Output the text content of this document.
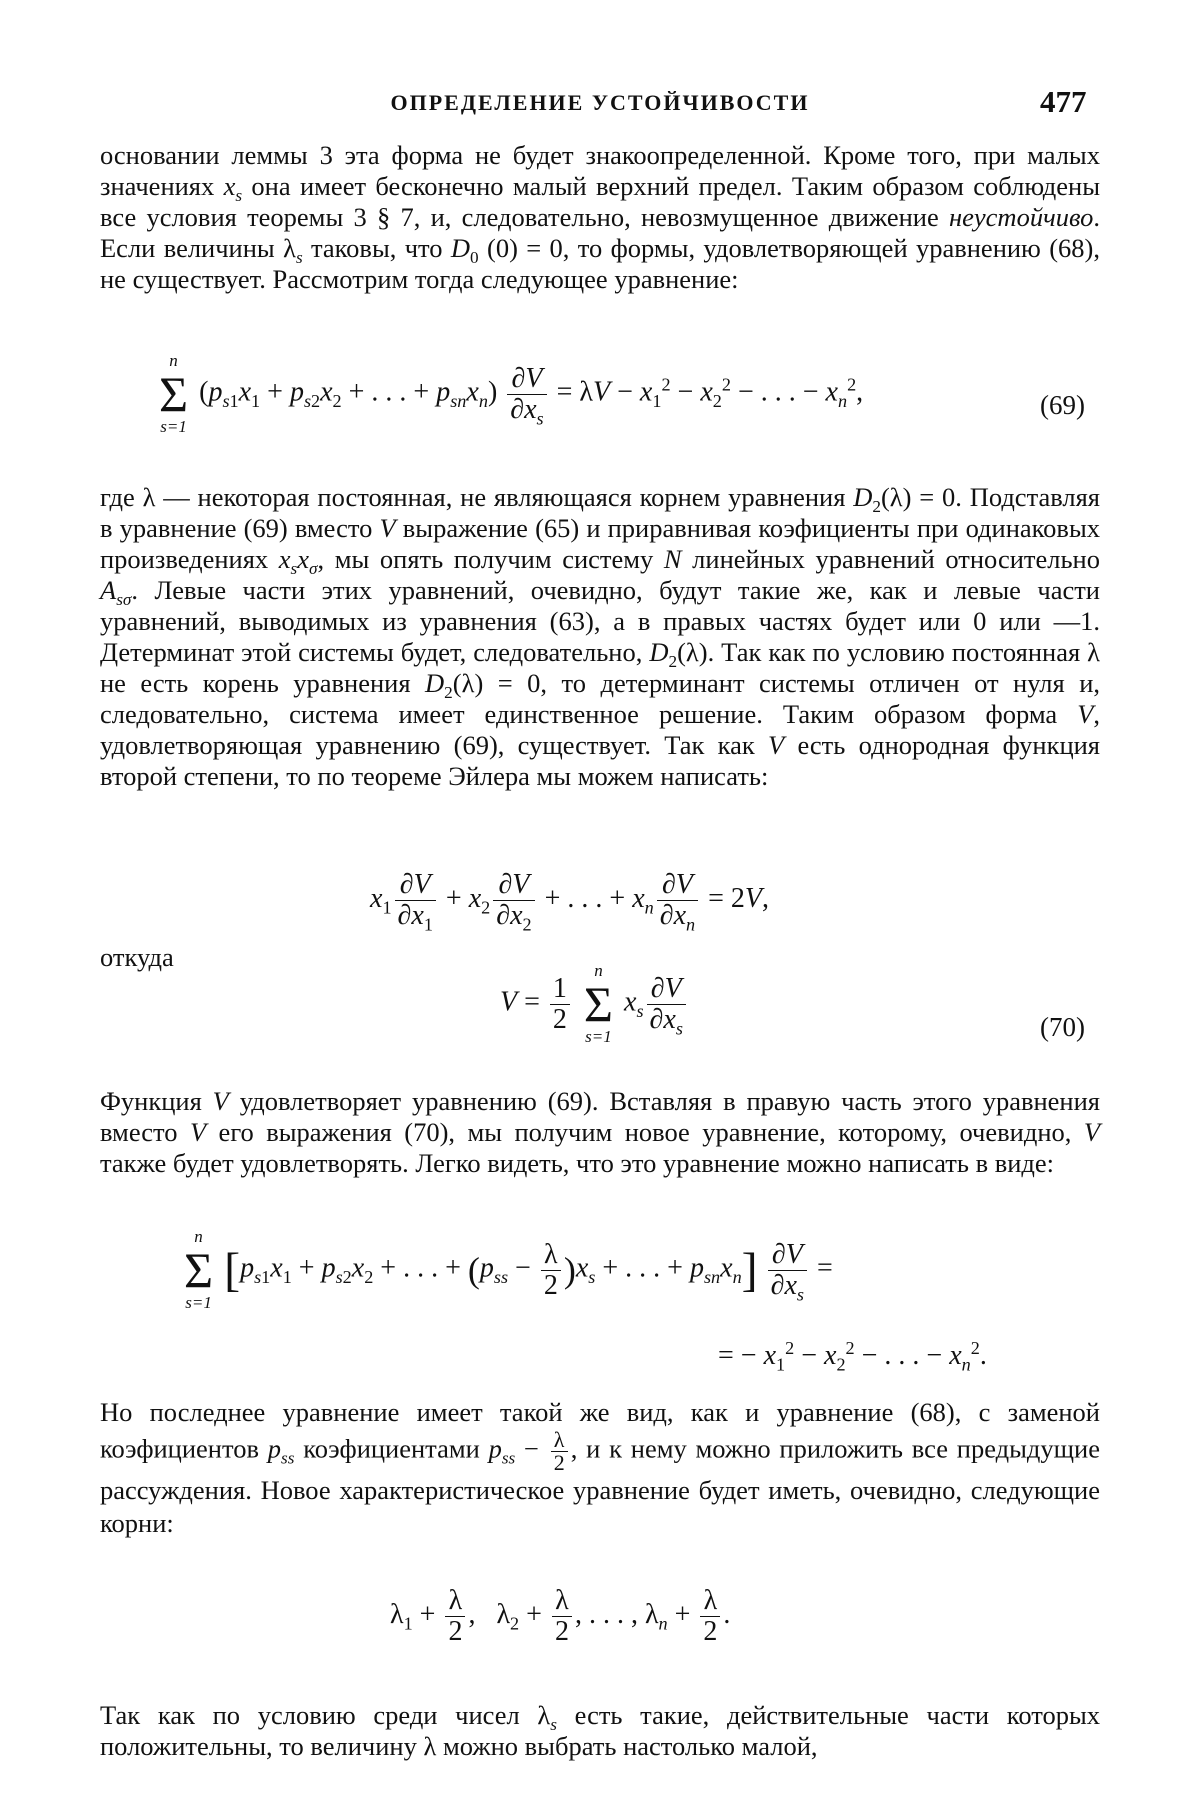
ОПРЕДЕЛЕНИЕ УСТОЙЧИВОСТИ	477

основании леммы 3 эта форма не будет знакоопределенной. Кроме того, при малых значениях $x_s$ она имеет бесконечно малый верхний предел. Таким образом соблюдены все условия теоремы 3 § 7, и, следовательно, невозмущенное движение неустойчиво. Если величины $\lambda_s$ таковы, что $D_0$ (0) = 0, то формы, удовлетворяющей уравнению (68), не существует. Рассмотрим тогда следующее уравнение:

n
Σ
s=1
($p_{s1}x_1 + p_{s2}x_2$ + . . . + $p_{sn}x_n) \frac{\partial V}{\partial x_s} = \lambda V - x_1^2 - x_2^2$ − . . . − $x_n^2$,	(69)

где λ — некоторая постоянная, не являющаяся корнем уравнения $D_2(\lambda) = 0$. Подставляя в уравнение (69) вместо V выражение (65) и приравнивая коэфициенты при одинаковых произведениях $x_sx_\sigma$, мы опять получим систему N линейных уравнений относительно $A_{s\sigma}$. Левые части этих уравнений, очевидно, будут такие же, как и левые части уравнений, выводимых из уравнения (63), а в правых частях будет или 0 или —1. Детерминат этой системы будет, следовательно, $D_2(\lambda)$. Так как по условию постоянная λ не есть корень уравнения $D_2(\lambda) = 0$, то детерминант системы отличен от нуля и, следовательно, система имеет единственное решение. Таким образом форма V, удовлетворяющая уравнению (69), существует. Так как V есть однородная функция второй степени, то по теореме Эйлера мы можем написать:

$x_1 \frac{\partial V}{\partial x_1} + x_2 \frac{\partial V}{\partial x_2}$ + . . . + $x_n \frac{\partial V}{\partial x_n} = 2V$,
откуда
$V = \frac{1}{2}$

n
Σ
s=1
$x_s \frac{\partial V}{\partial x_s}$	(70)

Функция V удовлетворяет уравнению (69). Вставляя в правую часть этого уравнения вместо V его выражения (70), мы получим новое уравнение, которому, очевидно, V также будет удовлетворять. Легко видеть, что это уравнение можно написать в виде:

n
Σ
s=1
[$p_{s1}x_1 + p_{s2}x_2$ + . . . + $(p_{ss} - \frac{\lambda}{2} )x_s$ + . . . + $p_{sn}x_n] \frac{\partial V}{\partial x_s}$ =
= − $x_1^2 - x_2^2$ − . . . − $x_n^2$.

Но последнее уравнение имеет такой же вид, как и уравнение (68), с заменой коэфициентов $p_{ss}$ коэфициентами $p_{ss} - \frac{\lambda}{2}$ , и к нему можно приложить все предыдущие рассуждения. Новое характеристическое уравнение будет иметь, очевидно, следующие корни:

$\lambda_1 + \frac{\lambda}{2}$ ,   $\lambda_2 + \frac{\lambda}{2}$ , . . . , $\lambda_n + \frac{\lambda}{2}$ .

Так как по условию среди чисел $\lambda_s$ есть такие, действительные части которых положительны, то величину λ можно выбрать настолько малой,
